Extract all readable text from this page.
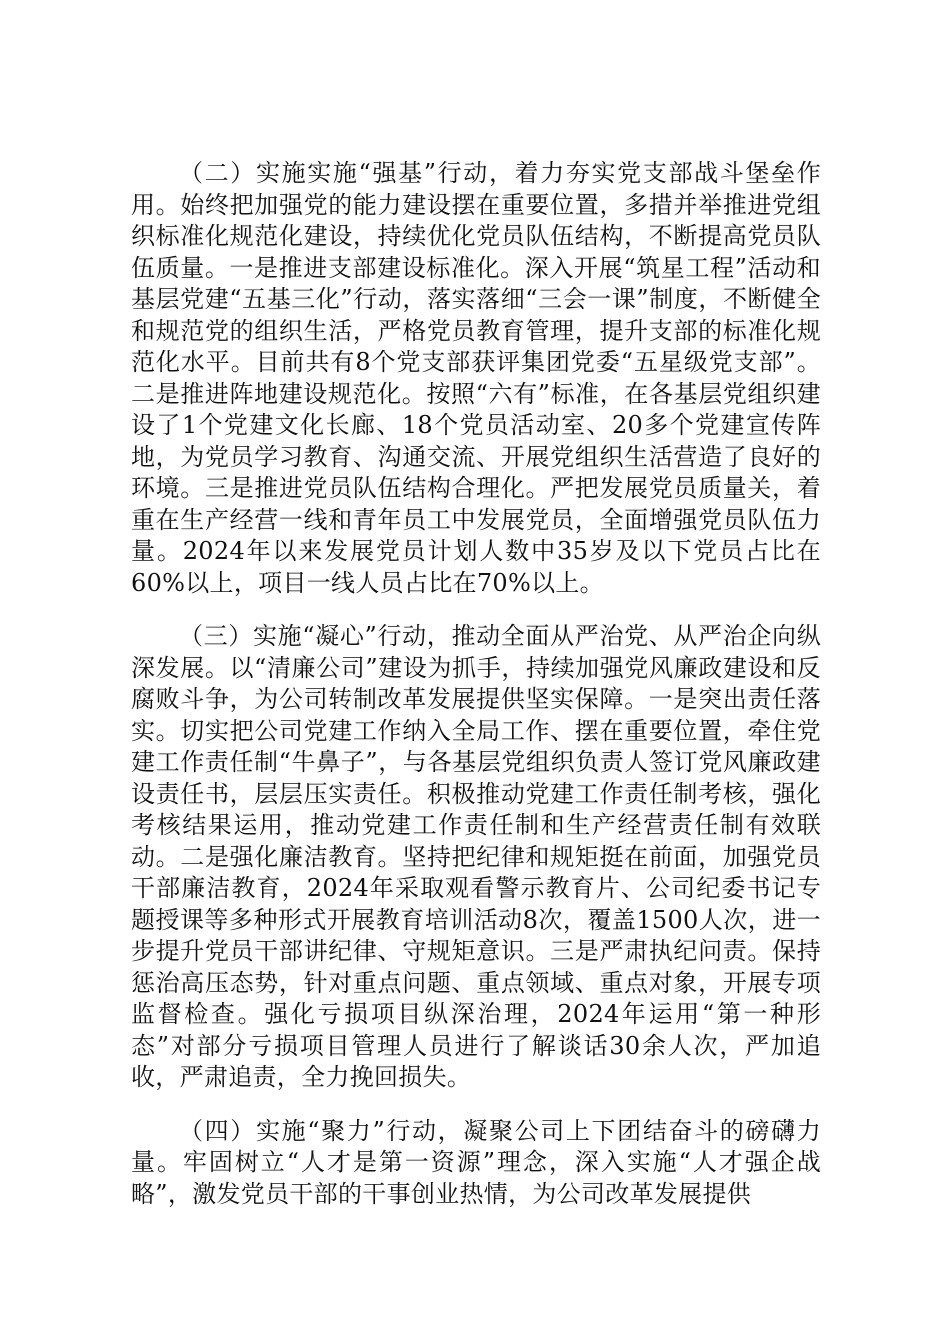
（二）实施实施“强基”行动，着力夯实党支部战斗堡垒作用。始终把加强党的能力建设摆在重要位置，多措并举推进党组织标准化规范化建设，持续优化党员队伍结构，不断提高党员队伍质量。一是推进支部建设标准化。深入开展“筑星工程”活动和基层党建“五基三化”行动，落实落细“三会一课”制度，不断健全和规范党的组织生活，严格党员教育管理，提升支部的标准化规范化水平。目前共有8个党支部获评集团党委“五星级党支部”。二是推进阵地建设规范化。按照“六有”标准，在各基层党组织建设了1个党建文化长廊、18个党员活动室、20多个党建宣传阵地，为党员学习教育、沟通交流、开展党组织生活营造了良好的环境。三是推进党员队伍结构合理化。严把发展党员质量关，着重在生产经营一线和青年员工中发展党员，全面增强党员队伍力量。2024年以来发展党员计划人数中35岁及以下党员占比在60%以上，项目一线人员占比在70%以上。

（三）实施“凝心”行动，推动全面从严治党、从严治企向纵深发展。以“清廉公司”建设为抓手，持续加强党风廉政建设和反腐败斗争，为公司转制改革发展提供坚实保障。一是突出责任落实。切实把公司党建工作纳入全局工作、摆在重要位置，牵住党建工作责任制“牛鼻子”，与各基层党组织负责人签订党风廉政建设责任书，层层压实责任。积极推动党建工作责任制考核，强化考核结果运用，推动党建工作责任制和生产经营责任制有效联动。二是强化廉洁教育。坚持把纪律和规矩挺在前面，加强党员干部廉洁教育，2024年采取观看警示教育片、公司纪委书记专题授课等多种形式开展教育培训活动8次，覆盖1500人次，进一步提升党员干部讲纪律、守规矩意识。三是严肃执纪问责。保持惩治高压态势，针对重点问题、重点领域、重点对象，开展专项监督检查。强化亏损项目纵深治理，2024年运用“第一种形态”对部分亏损项目管理人员进行了解谈话30余人次，严加追收，严肃追责，全力挽回损失。

（四）实施“聚力”行动，凝聚公司上下团结奋斗的磅礴力量。牢固树立“人才是第一资源”理念，深入实施“人才强企战略”，激发党员干部的干事创业热情，为公司改革发展提供
